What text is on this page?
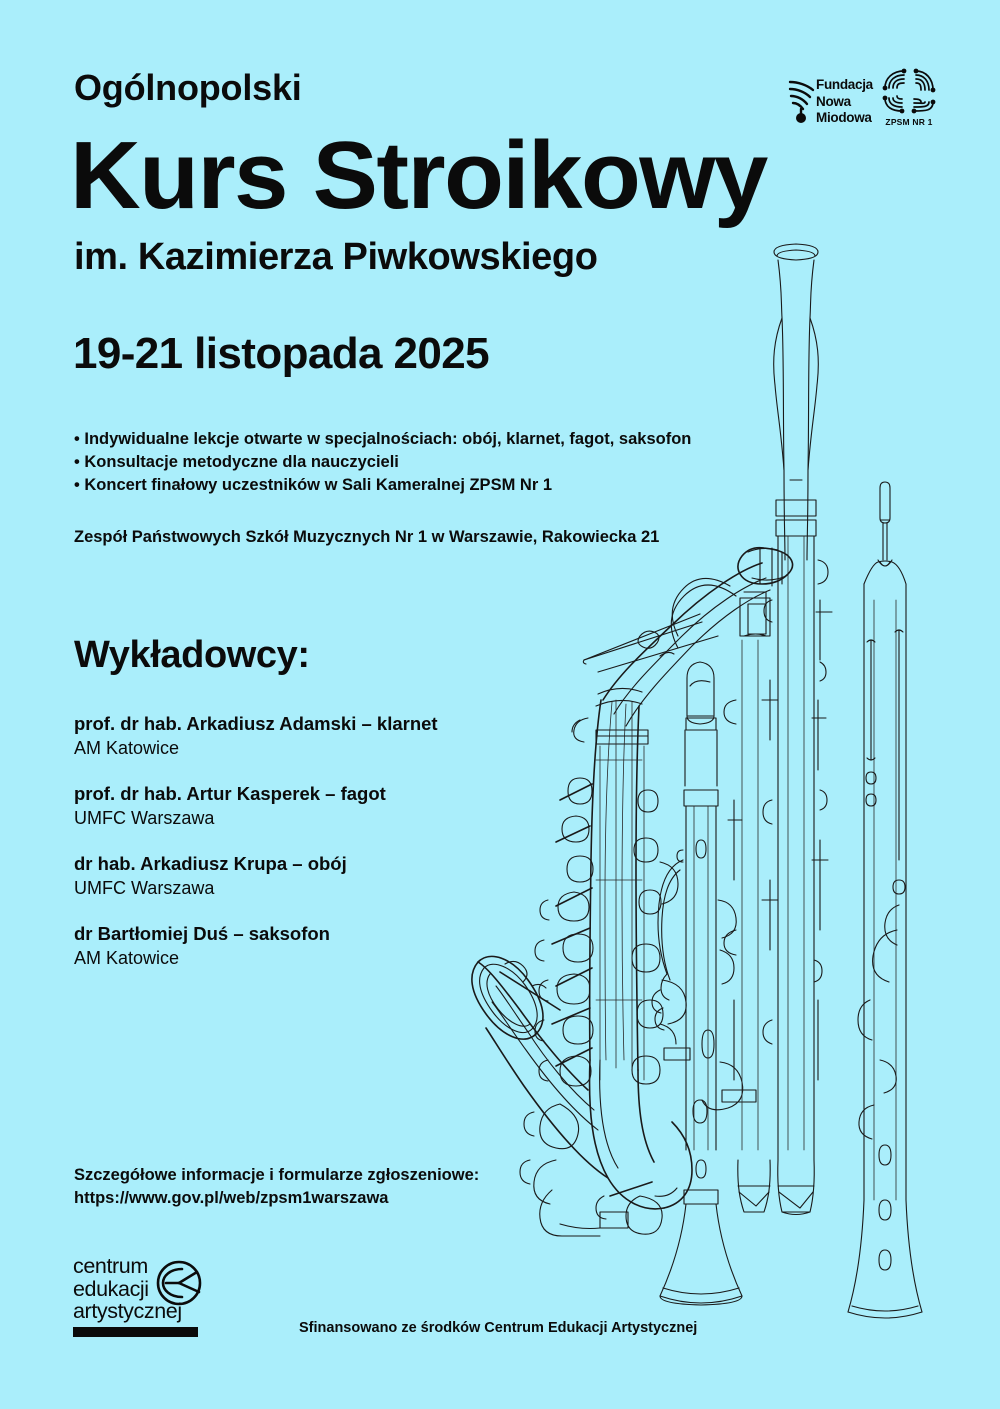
Fundacja
Nowa
Miodowa	ZPSM NR 1
Ogólnopolski
Kurs Stroikowy
im. Kazimierza Piwkowskiego
19-21 listopada 2025
• Indywidualne lekcje otwarte w specjalnościach: obój, klarnet, fagot, saksofon
• Konsultacje metodyczne dla nauczycieli
• Koncert finałowy uczestników w Sali Kameralnej ZPSM Nr 1
Zespół Państwowych Szkół Muzycznych Nr 1 w Warszawie, Rakowiecka 21
Wykładowcy:
prof. dr hab. Arkadiusz Adamski – klarnet
AM Katowice
prof. dr hab. Artur Kasperek – fagot
UMFC Warszawa
dr hab. Arkadiusz Krupa – obój
UMFC Warszawa
dr Bartłomiej Duś – saksofon
AM Katowice
Szczegółowe informacje i formularze zgłoszeniowe:
https://www.gov.pl/web/zpsm1warszawa
centrum
edukacji
artystycznej
Sfinansowano ze środków Centrum Edukacji Artystycznej
